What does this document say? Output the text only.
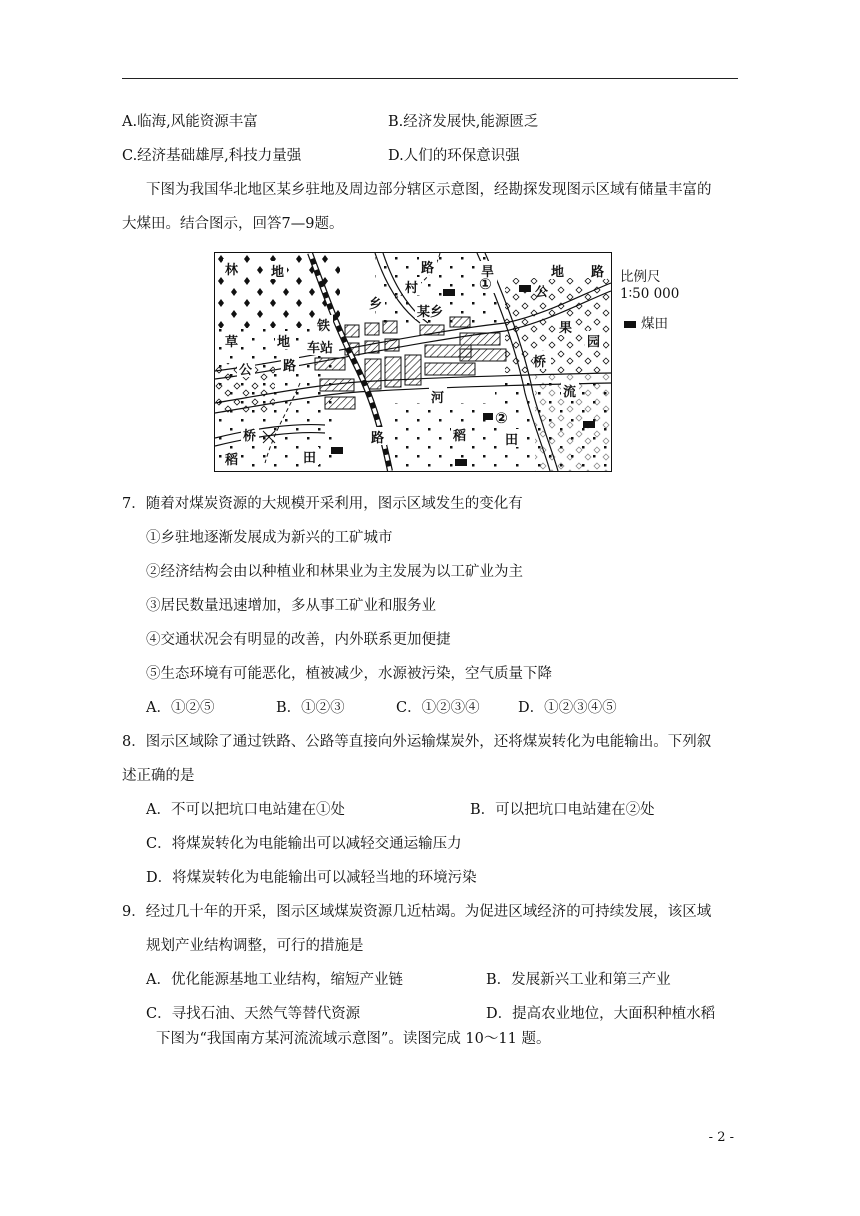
A.临海,风能资源丰富	B.经济发展快,能源匮乏
C.经济基础雄厚,科技力量强	D.人们的环保意识强
下图为我国华北地区某乡驻地及周边部分辖区示意图，经勘探发现图示区域有储量丰富的
大煤田。结合图示，回答7—9题。
林	地	旱	地 路
桥
草	地
公 路
果
园
流
河
桥
稻	田
路	稻	田
路
村
乡
某乡
铁
车站
①
②
公
比例尺
1∶50 000
煤田
7．随着对煤炭资源的大规模开采利用，图示区域发生的变化有
①乡驻地逐渐发展成为新兴的工矿城市
②经济结构会由以种植业和林果业为主发展为以工矿业为主
③居民数量迅速增加，多从事工矿业和服务业
④交通状况会有明显的改善，内外联系更加便捷
⑤生态环境有可能恶化，植被减少，水源被污染，空气质量下降
A．①②⑤	B．①②③	C．①②③④	D．①②③④⑤
8．图示区域除了通过铁路、公路等直接向外运输煤炭外，还将煤炭转化为电能输出。下列叙
述正确的是
A．不可以把坑口电站建在①处	B．可以把坑口电站建在②处
C．将煤炭转化为电能输出可以减轻交通运输压力
D．将煤炭转化为电能输出可以减轻当地的环境污染
9．经过几十年的开采，图示区域煤炭资源几近枯竭。为促进区域经济的可持续发展，该区域
规划产业结构调整，可行的措施是
A．优化能源基地工业结构，缩短产业链	B．发展新兴工业和第三产业
C．寻找石油、天然气等替代资源	D．提高农业地位，大面积种植水稻
下图为“我国南方某河流流域示意图”。读图完成 10～11 题。
- 2 -
